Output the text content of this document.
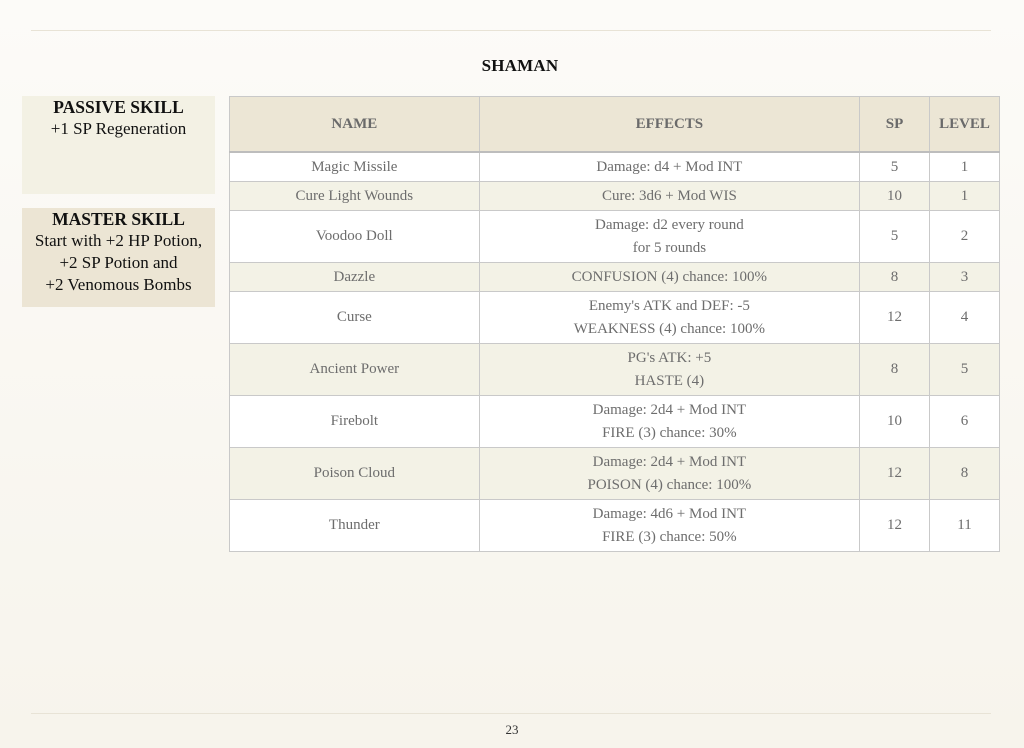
SHAMAN
PASSIVE SKILL
+1 SP Regeneration
MASTER SKILL
Start with +2 HP Potion,
+2 SP Potion and
+2 Venomous Bombs
NAME	EFFECTS	SP	LEVEL
Magic Missile	Damage: d4 + Mod INT	5	1
Cure Light Wounds	Cure: 3d6 + Mod WIS	10	1
Voodoo Doll	Damage: d2 every round
for 5 rounds	5	2
Dazzle	CONFUSION (4) chance: 100%	8	3
Curse	Enemy's ATK and DEF: -5
WEAKNESS (4) chance: 100%	12	4
Ancient Power	PG's ATK: +5
HASTE (4)	8	5
Firebolt	Damage: 2d4 + Mod INT
FIRE (3) chance: 30%	10	6
Poison Cloud	Damage: 2d4 + Mod INT
POISON (4) chance: 100%	12	8
Thunder	Damage: 4d6 + Mod INT
FIRE (3) chance: 50%	12	11
23
